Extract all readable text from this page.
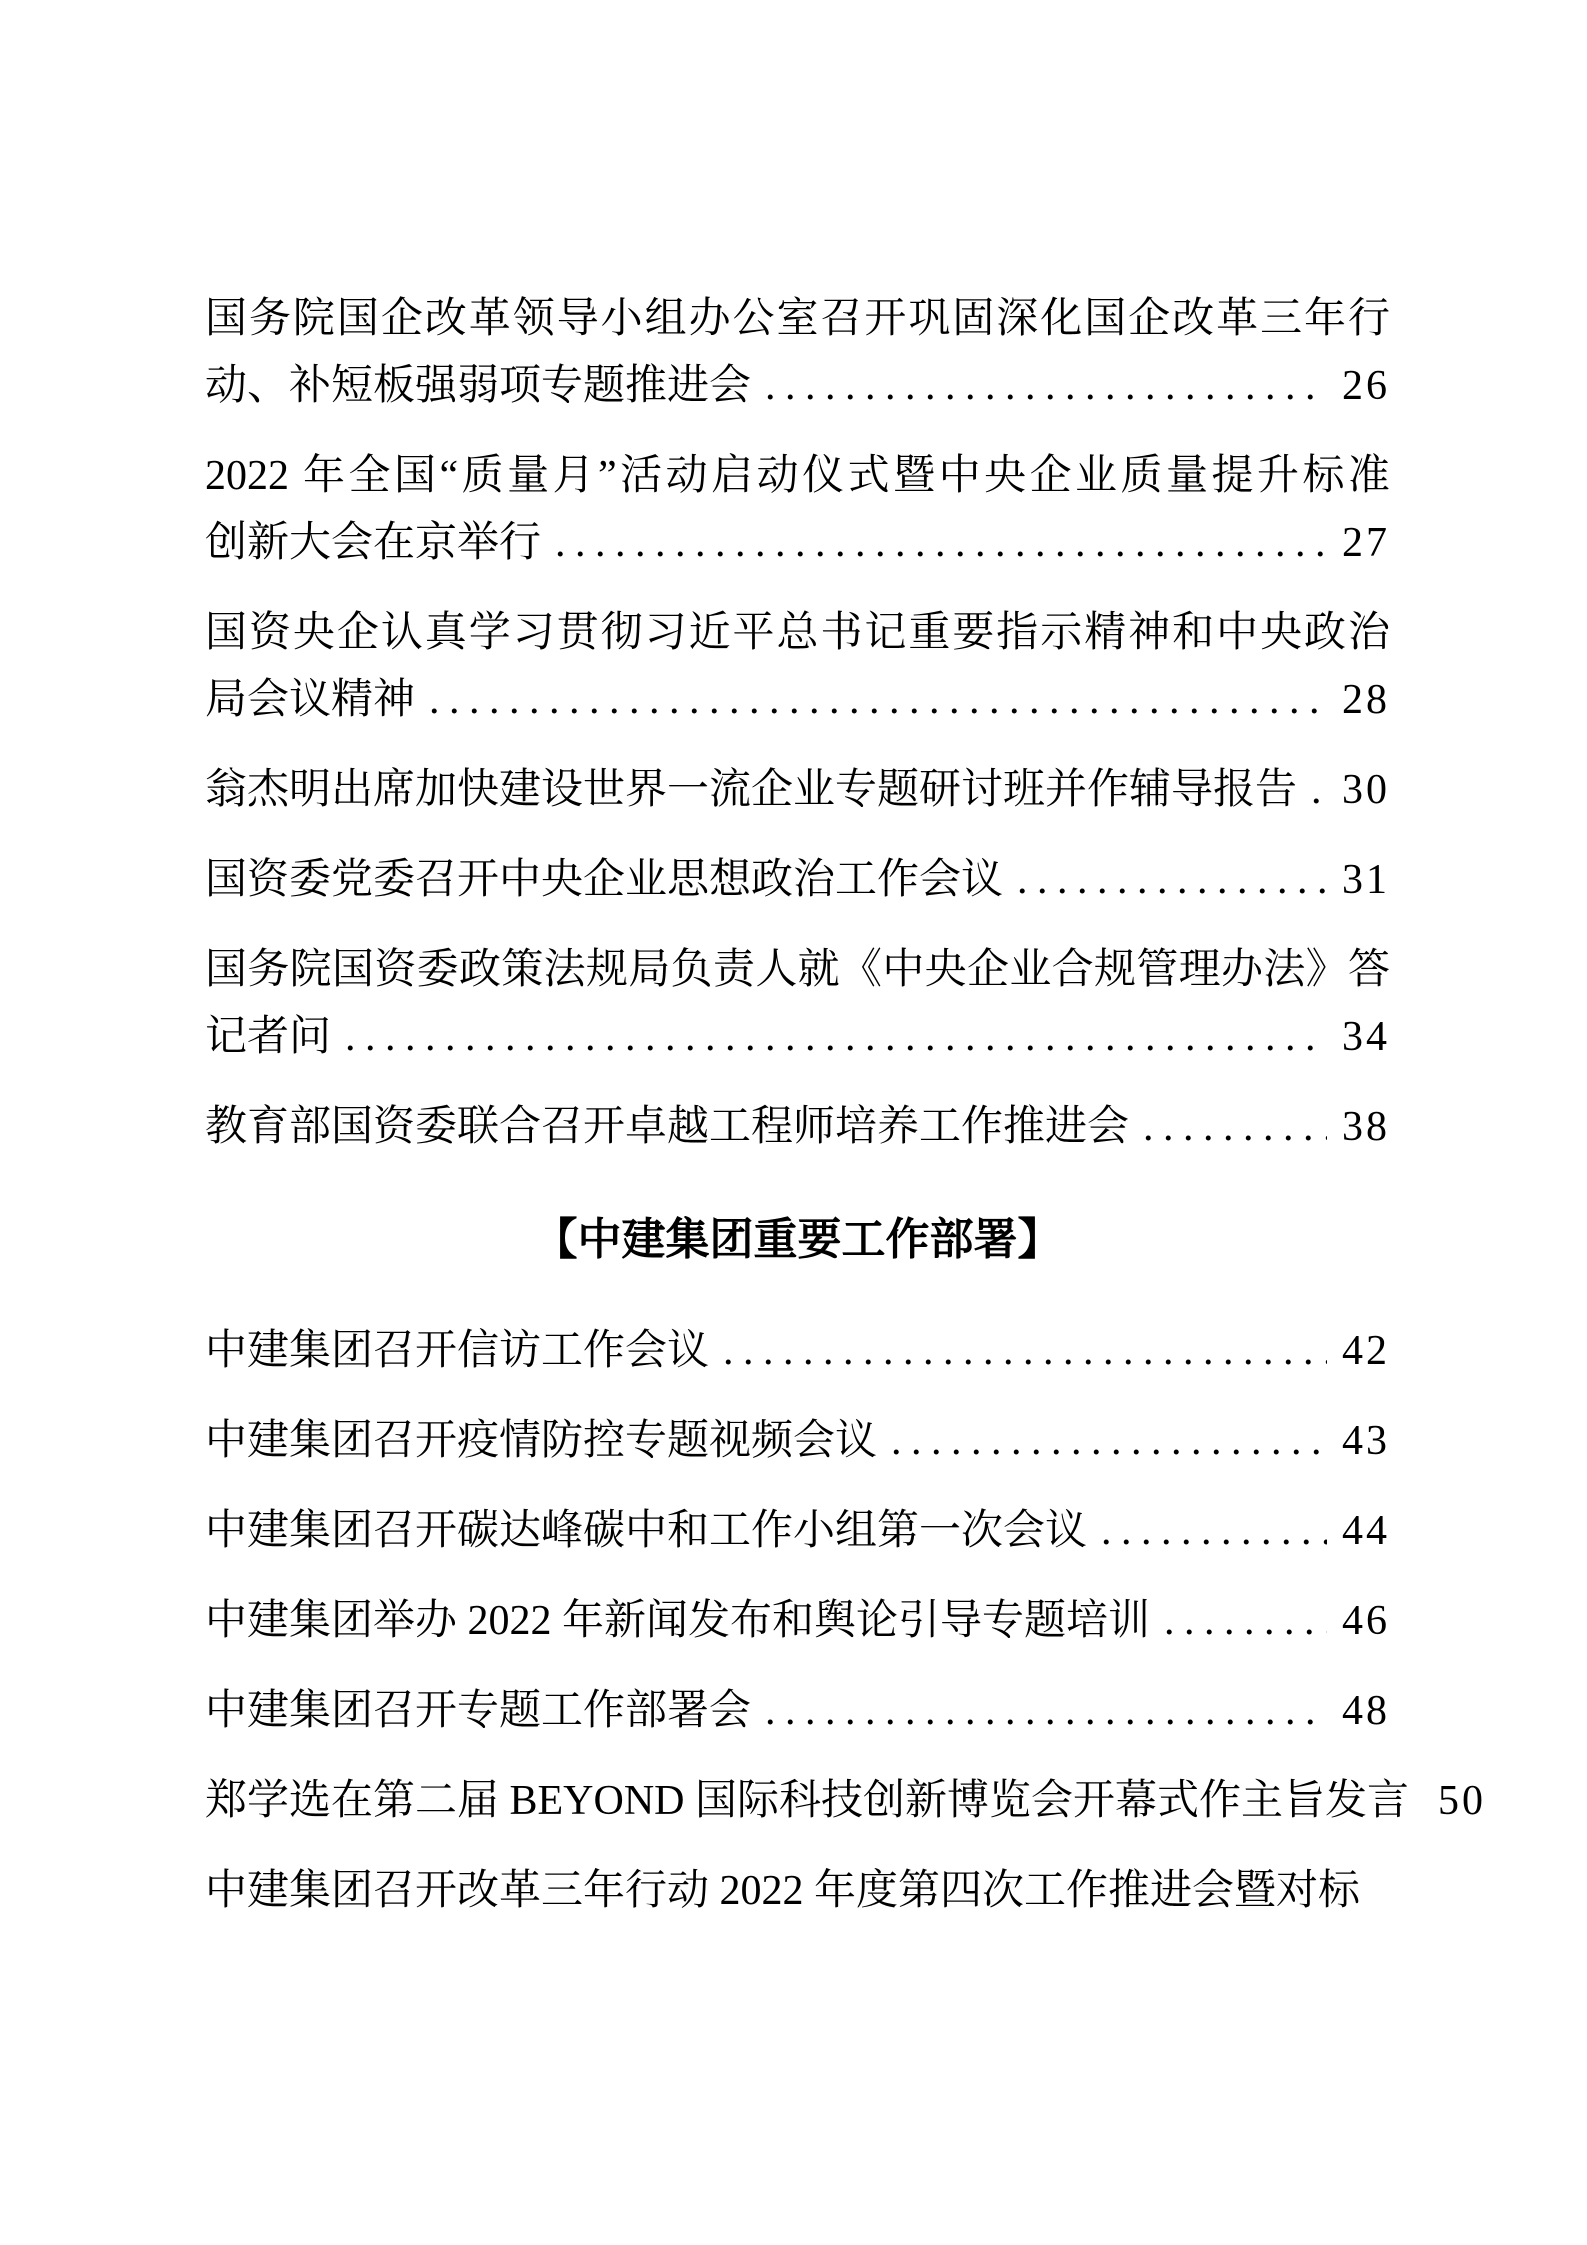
国务院国企改革领导小组办公室召开巩固深化国企改革三年行
动、补短板强弱项专题推进会 .....	26
2022 年全国“质量月”活动启动仪式暨中央企业质量提升标准
创新大会在京举行 .....	27
国资央企认真学习贯彻习近平总书记重要指示精神和中央政治
局会议精神 .....	28
翁杰明出席加快建设世界一流企业专题研讨班并作辅导报告 ..... 30
国资委党委召开中央企业思想政治工作会议 .....	31
国务院国资委政策法规局负责人就《中央企业合规管理办法》答
记者问 .....	34
教育部国资委联合召开卓越工程师培养工作推进会 .....	38
【中建集团重要工作部署】
中建集团召开信访工作会议 .....	42
中建集团召开疫情防控专题视频会议 .....	43
中建集团召开碳达峰碳中和工作小组第一次会议 .....	44
中建集团举办 2022 年新闻发布和舆论引导专题培训 .....	46
中建集团召开专题工作部署会 .....	48
郑学选在第二届 BEYOND 国际科技创新博览会开幕式作主旨发言 50
中建集团召开改革三年行动 2022 年度第四次工作推进会暨对标
